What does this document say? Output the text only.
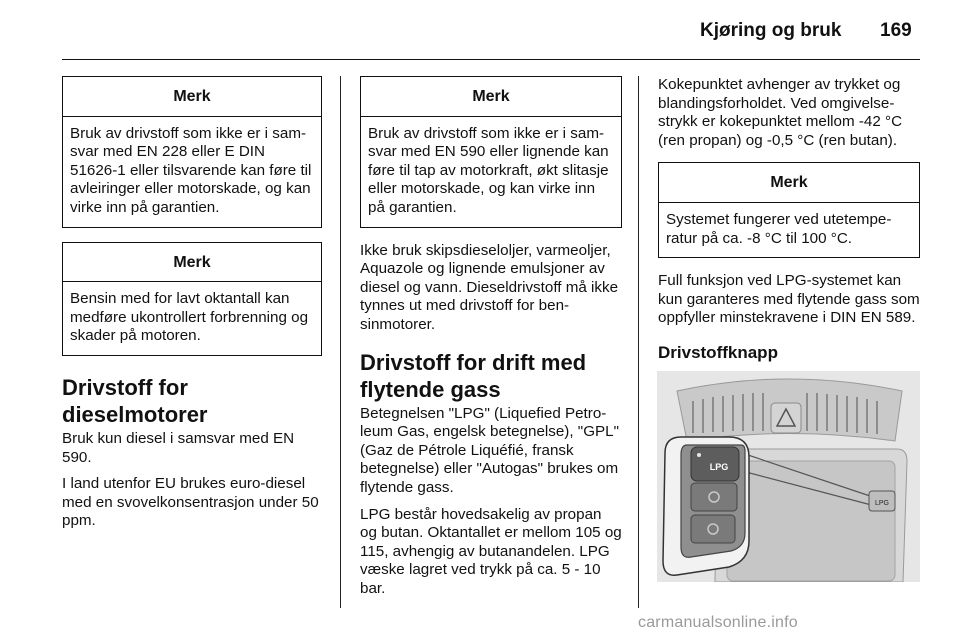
Kjøring og bruk 169
Merk
Bruk av drivstoff som ikke er i samsvar med EN 228 eller E DIN 51626-1 eller tilsvarende kan føre til avleiringer eller motorskade, og kan virke inn på garantien.
Merk
Bensin med for lavt oktantall kan medføre ukontrollert forbrenning og skader på motoren.
Drivstoff for dieselmotorer

Bruk kun diesel i samsvar med EN 590.

I land utenfor EU brukes euro-diesel med en svovelkonsentrasjon under 50 ppm.

Merk
Bruk av drivstoff som ikke er i samsvar med EN 590 eller lignende kan føre til tap av motorkraft, økt slitasje eller motorskade, og kan virke inn på garantien.

Ikke bruk skipsdieseloljer, varmeoljer, Aquazole og lignende emulsjoner av diesel og vann. Dieseldrivstoff må ikke tynnes ut med drivstoff for bensinmotorer.

Drivstoff for drift med flytende gass

Betegnelsen "LPG" (Liquefied Petroleum Gas, engelsk betegnelse), "GPL" (Gaz de Pétrole Liquéfié, fransk betegnelse) eller "Autogas" brukes om flytende gass.

LPG består hovedsakelig av propan og butan. Oktantallet er mellom 105 og 115, avhengig av butanandelen. LPG væske lagret ved trykk på ca. 5 - 10 bar.

Kokepunktet avhenger av trykket og blandingsforholdet. Ved omgivelsestrykk er kokepunktet mellom -42 °C (ren propan) og -0,5 °C (ren butan).

Merk
Systemet fungerer ved utetemperatur på ca. -8 °C til 100 °C.

Full funksjon ved LPG-systemet kan kun garanteres med flytende gass som oppfyller minstekravene i DIN EN 589.

Drivstoffknapp
LPG
LPG
carmanualsonline.info
